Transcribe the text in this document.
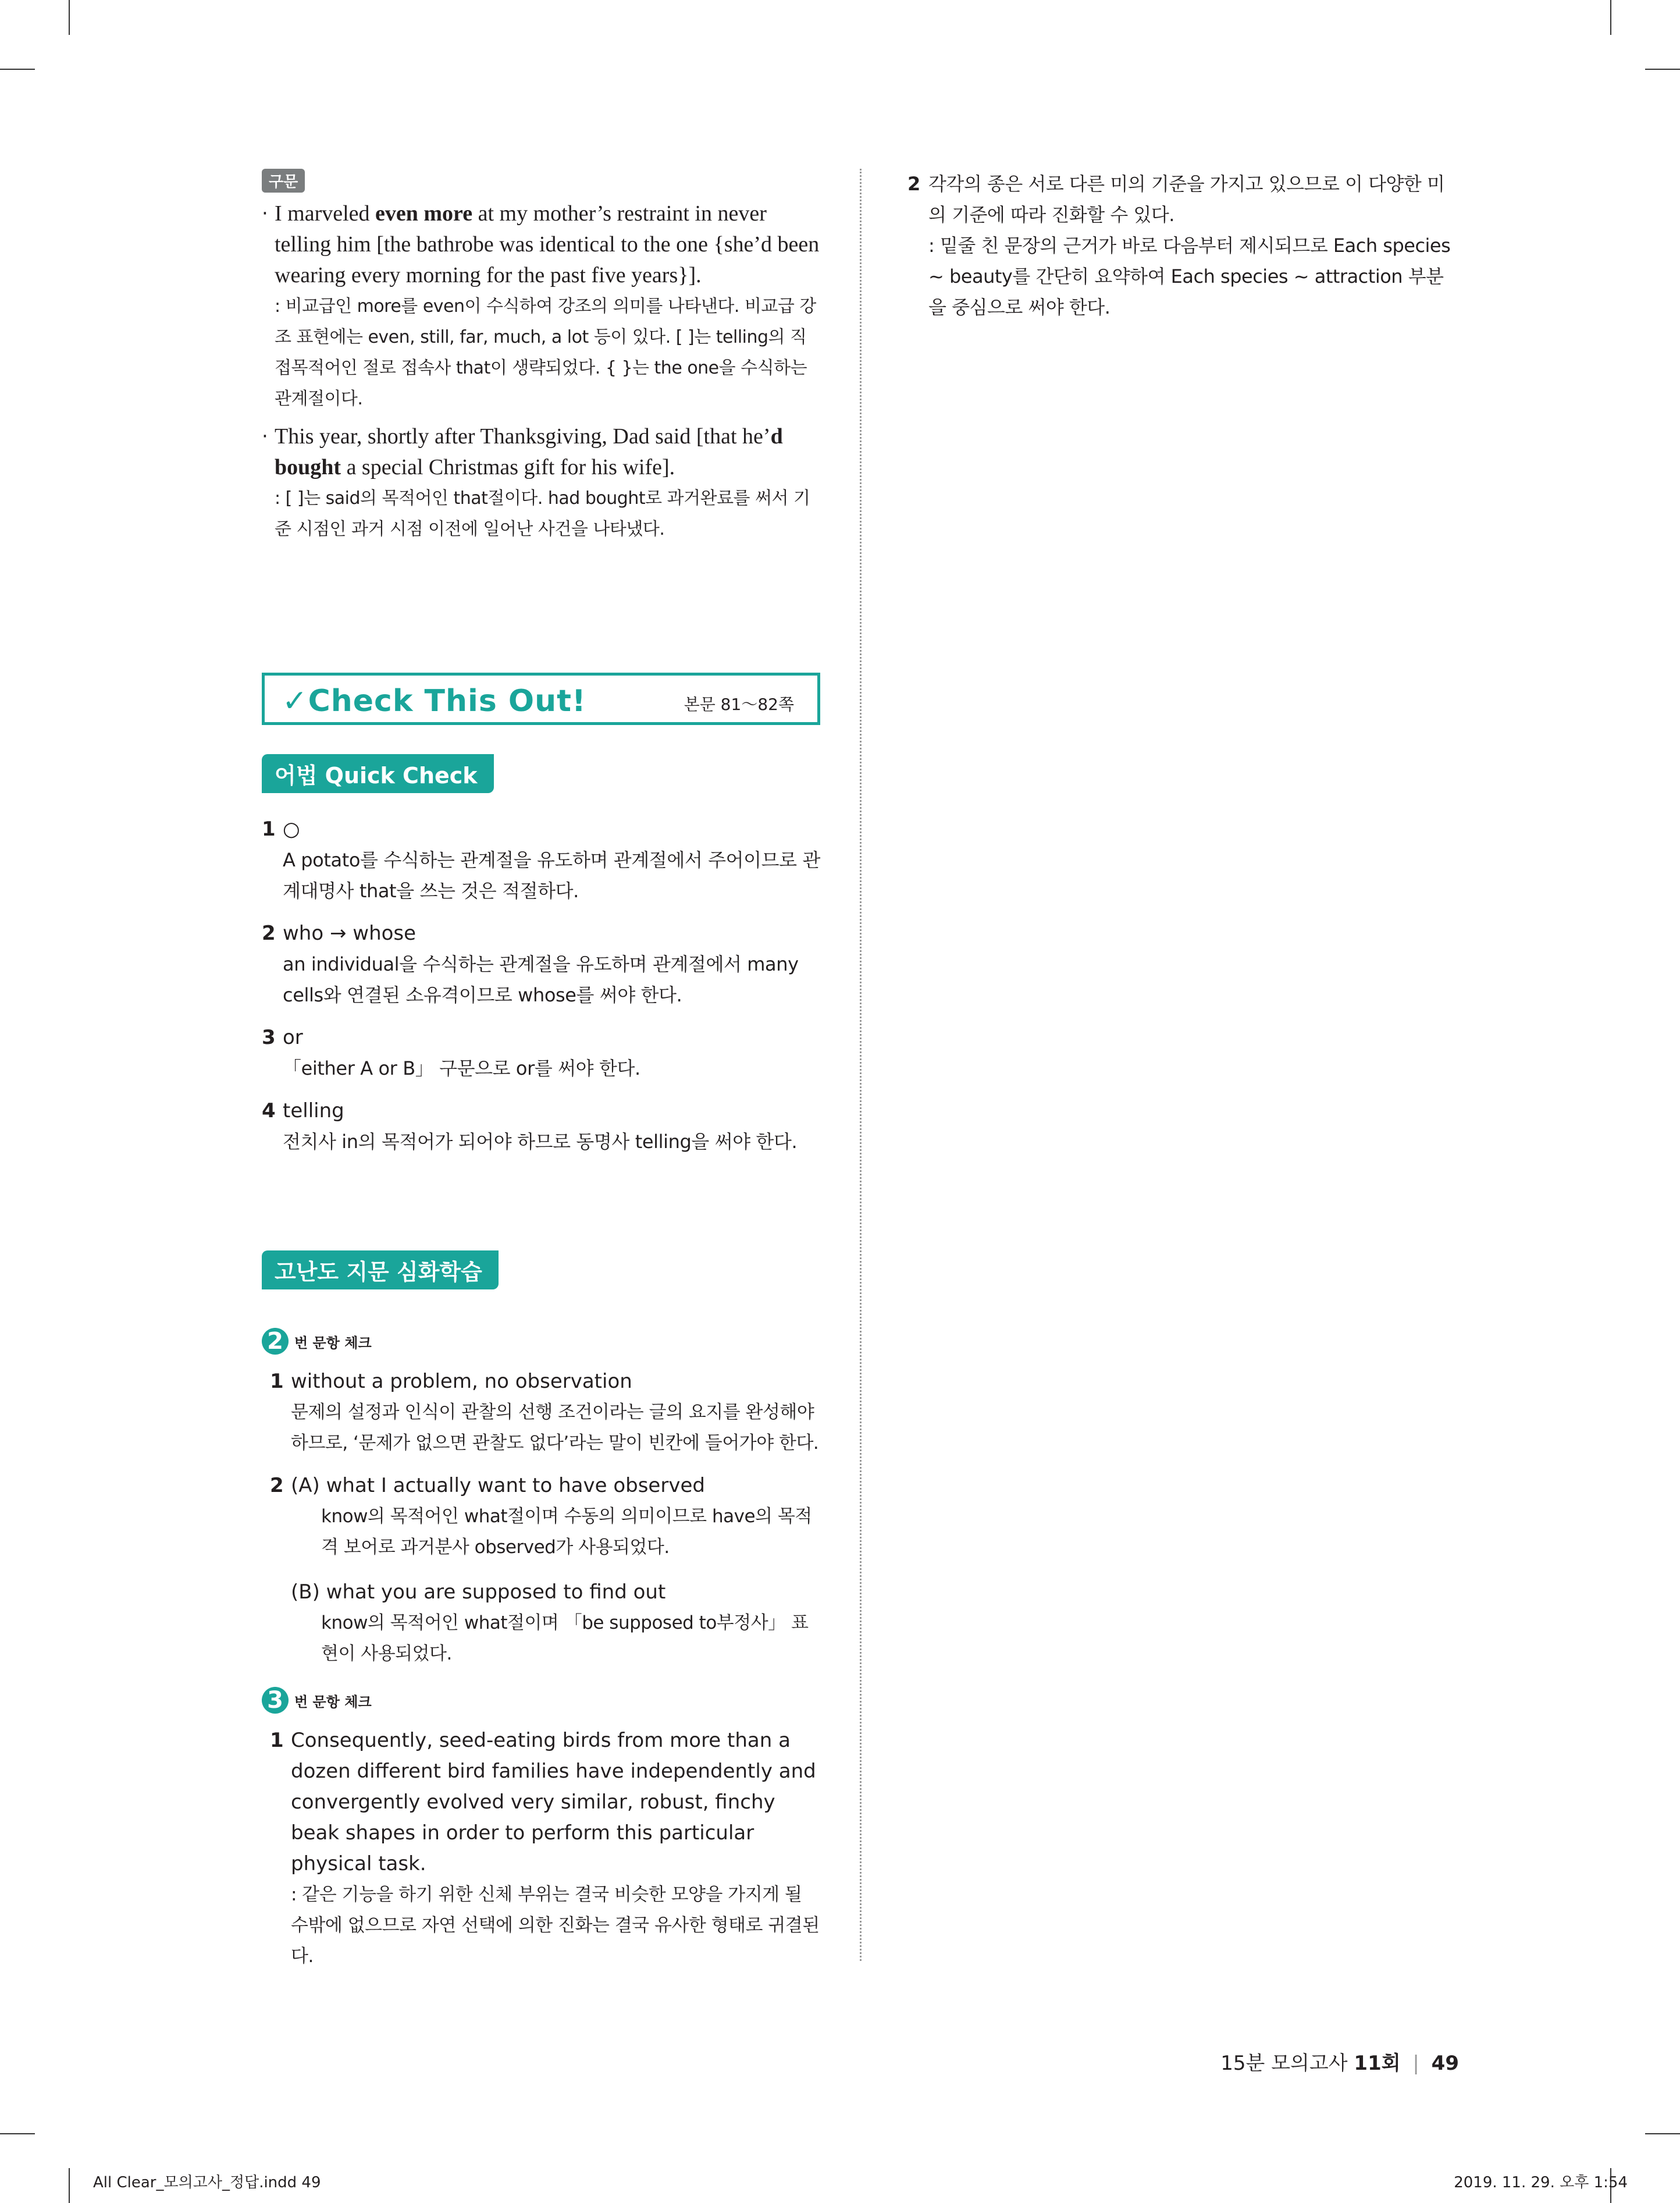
구문
· I marveled even more at my mother’s restraint in never telling him [the bathrobe was identical to the one {she’d been wearing every morning for the past five years}].
: 비교급인 more를 even이 수식하여 강조의 의미를 나타낸다. 비교급 강조 표현에는 even, still, far, much, a lot 등이 있다. [ ]는 telling의 직접목적어인 절로 접속사 that이 생략되었다. { }는 the one을 수식하는 관계절이다.
· This year, shortly after Thanksgiving, Dad said [that he’d bought a special Christmas gift for his wife].
: [ ]는 said의 목적어인 that절이다. had bought로 과거완료를 써서 기준 시점인 과거 시점 이전에 일어난 사건을 나타냈다.
✓Check This Out!	본문 81～82쪽
어법 Quick Check
1 ○
A potato를 수식하는 관계절을 유도하며 관계절에서 주어이므로 관계대명사 that을 쓰는 것은 적절하다.
2 who → whose
an individual을 수식하는 관계절을 유도하며 관계절에서 many cells와 연결된 소유격이므로 whose를 써야 한다.
3 or
「either A or B」 구문으로 or를 써야 한다.
4 telling
전치사 in의 목적어가 되어야 하므로 동명사 telling을 써야 한다.
고난도 지문 심화학습
2 번 문항 체크
1 without a problem, no observation
문제의 설정과 인식이 관찰의 선행 조건이라는 글의 요지를 완성해야 하므로, ‘문제가 없으면 관찰도 없다’라는 말이 빈칸에 들어가야 한다.
2 (A) what I actually want to have observed
know의 목적어인 what절이며 수동의 의미이므로 have의 목적격 보어로 과거분사 observed가 사용되었다.
(B) what you are supposed to find out
know의 목적어인 what절이며 「be supposed to부정사」 표현이 사용되었다.
3 번 문항 체크
1 Consequently, seed-eating birds from more than a dozen different bird families have independently and convergently evolved very similar, robust, finchy beak shapes in order to perform this particular physical task.
: 같은 기능을 하기 위한 신체 부위는 결국 비슷한 모양을 가지게 될 수밖에 없으므로 자연 선택에 의한 진화는 결국 유사한 형태로 귀결된다.
2 각각의 종은 서로 다른 미의 기준을 가지고 있으므로 이 다양한 미의 기준에 따라 진화할 수 있다.
: 밑줄 친 문장의 근거가 바로 다음부터 제시되므로 Each species ~ beauty를 간단히 요약하여 Each species ~ attraction 부분을 중심으로 써야 한다.
15분 모의고사 11회 | 49
All Clear_모의고사_정답.indd 49	2019. 11. 29. 오후 1:54
